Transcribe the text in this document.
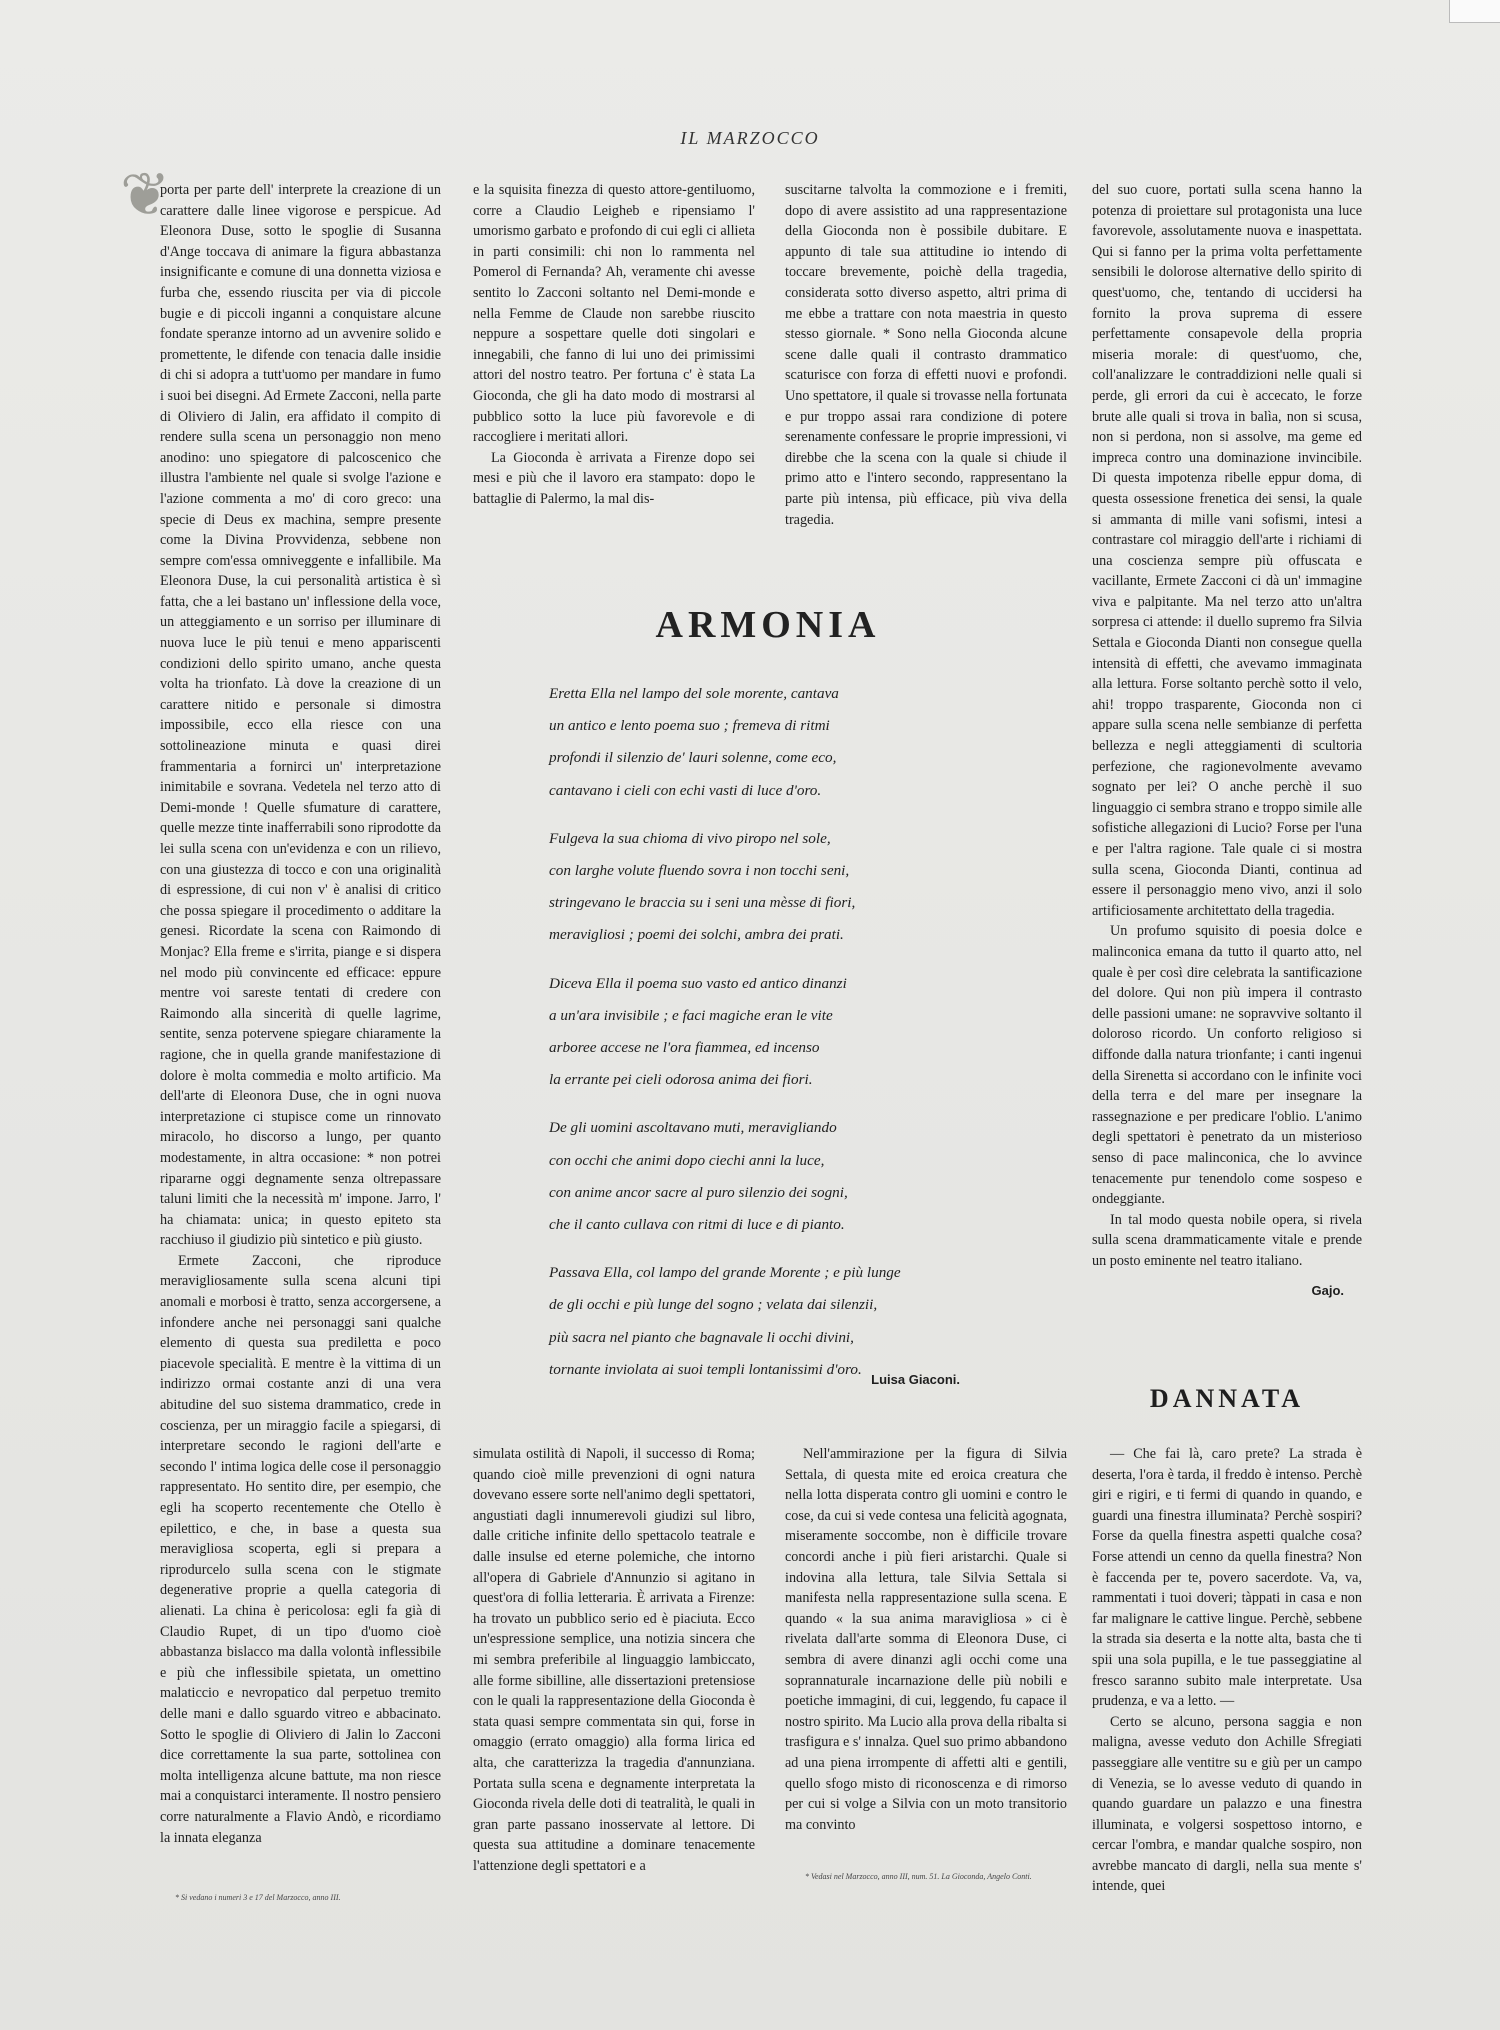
❦
IL MARZOCCO

porta per parte dell' interprete la creazione di un carattere dalle linee vigorose e perspicue. Ad Eleonora Duse, sotto le spoglie di Susanna d'Ange toccava di animare la figura abbastanza insignificante e comune di una donnetta viziosa e furba che, essendo riuscita per via di piccole bugie e di piccoli inganni a conquistare alcune fondate speranze intorno ad un avvenire solido e promettente, le difende con tenacia dalle insidie di chi si adopra a tutt'uomo per mandare in fumo i suoi bei disegni. Ad Ermete Zacconi, nella parte di Oliviero di Jalin, era affidato il compito di rendere sulla scena un personaggio non meno anodino: uno spiegatore di palcoscenico che illustra l'ambiente nel quale si svolge l'azione e l'azione commenta a mo' di coro greco: una specie di Deus ex machina, sempre presente come la Divina Provvidenza, sebbene non sempre com'essa omniveggente e infallibile. Ma Eleonora Duse, la cui personalità artistica è sì fatta, che a lei bastano un' inflessione della voce, un atteggiamento e un sorriso per illuminare di nuova luce le più tenui e meno appariscenti condizioni dello spirito umano, anche questa volta ha trionfato. Là dove la creazione di un carattere nitido e personale si dimostra impossibile, ecco ella riesce con una sottolineazione minuta e quasi direi frammentaria a fornirci un' interpretazione inimitabile e sovrana. Vedetela nel terzo atto di Demi-monde ! Quelle sfumature di carattere, quelle mezze tinte inafferrabili sono riprodotte da lei sulla scena con un'evidenza e con un rilievo, con una giustezza di tocco e con una originalità di espressione, di cui non v' è analisi di critico che possa spiegare il procedimento o additare la genesi. Ricordate la scena con Raimondo di Monjac? Ella freme e s'irrita, piange e si dispera nel modo più convincente ed efficace: eppure mentre voi sareste tentati di credere con Raimondo alla sincerità di quelle lagrime, sentite, senza potervene spiegare chiaramente la ragione, che in quella grande manifestazione di dolore è molta commedia e molto artificio. Ma dell'arte di Eleonora Duse, che in ogni nuova interpretazione ci stupisce come un rinnovato miracolo, ho discorso a lungo, per quanto modestamente, in altra occasione: * non potrei ripararne oggi degnamente senza oltrepassare taluni limiti che la necessità m' impone. Jarro, l' ha chiamata: unica; in questo epiteto sta racchiuso il giudizio più sintetico e più giusto.

Ermete Zacconi, che riproduce meravigliosamente sulla scena alcuni tipi anomali e morbosi è tratto, senza accorgersene, a infondere anche nei personaggi sani qualche elemento di questa sua prediletta e poco piacevole specialità. E mentre è la vittima di un indirizzo ormai costante anzi di una vera abitudine del suo sistema drammatico, crede in coscienza, per un miraggio facile a spiegarsi, di interpretare secondo le ragioni dell'arte e secondo l' intima logica delle cose il personaggio rappresentato. Ho sentito dire, per esempio, che egli ha scoperto recentemente che Otello è epilettico, e che, in base a questa sua meravigliosa scoperta, egli si prepara a riprodurcelo sulla scena con le stigmate degenerative proprie a quella categoria di alienati. La china è pericolosa: egli fa già di Claudio Rupet, di un tipo d'uomo cioè abbastanza bislacco ma dalla volontà inflessibile e più che inflessibile spietata, un omettino malaticcio e nevropatico dal perpetuo tremito delle mani e dallo sguardo vitreo e abbacinato. Sotto le spoglie di Oliviero di Jalin lo Zacconi dice correttamente la sua parte, sottolinea con molta intelligenza alcune battute, ma non riesce mai a conquistarci interamente. Il nostro pensiero corre naturalmente a Flavio Andò, e ricordiamo la innata eleganza

e la squisita finezza di questo attore-gentiluomo, corre a Claudio Leigheb e ripensiamo l' umorismo garbato e profondo di cui egli ci allieta in parti consimili: chi non lo rammenta nel Pomerol di Fernanda? Ah, veramente chi avesse sentito lo Zacconi soltanto nel Demi-monde e nella Femme de Claude non sarebbe riuscito neppure a sospettare quelle doti singolari e innegabili, che fanno di lui uno dei primissimi attori del nostro teatro. Per fortuna c' è stata La Gioconda, che gli ha dato modo di mostrarsi al pubblico sotto la luce più favorevole e di raccogliere i meritati allori.

La Gioconda è arrivata a Firenze dopo sei mesi e più che il lavoro era stampato: dopo le battaglie di Palermo, la mal dis-

suscitarne talvolta la commozione e i fremiti, dopo di avere assistito ad una rappresentazione della Gioconda non è possibile dubitare. E appunto di tale sua attitudine io intendo di toccare brevemente, poichè della tragedia, considerata sotto diverso aspetto, altri prima di me ebbe a trattare con nota maestria in questo stesso giornale. * Sono nella Gioconda alcune scene dalle quali il contrasto drammatico scaturisce con forza di effetti nuovi e profondi. Uno spettatore, il quale si trovasse nella fortunata e pur troppo assai rara condizione di potere serenamente confessare le proprie impressioni, vi direbbe che la scena con la quale si chiude il primo atto e l'intero secondo, rappresentano la parte più intensa, più efficace, più viva della tragedia.

del suo cuore, portati sulla scena hanno la potenza di proiettare sul protagonista una luce favorevole, assolutamente nuova e inaspettata. Qui si fanno per la prima volta perfettamente sensibili le dolorose alternative dello spirito di quest'uomo, che, tentando di uccidersi ha fornito la prova suprema di essere perfettamente consapevole della propria miseria morale: di quest'uomo, che, coll'analizzare le contraddizioni nelle quali si perde, gli errori da cui è accecato, le forze brute alle quali si trova in balìa, non si scusa, non si perdona, non si assolve, ma geme ed impreca contro una dominazione invincibile. Di questa impotenza ribelle eppur doma, di questa ossessione frenetica dei sensi, la quale si ammanta di mille vani sofismi, intesi a contrastare col miraggio dell'arte i richiami di una coscienza sempre più offuscata e vacillante, Ermete Zacconi ci dà un' immagine viva e palpitante. Ma nel terzo atto un'altra sorpresa ci attende: il duello supremo fra Silvia Settala e Gioconda Dianti non consegue quella intensità di effetti, che avevamo immaginata alla lettura. Forse soltanto perchè sotto il velo, ahi! troppo trasparente, Gioconda non ci appare sulla scena nelle sembianze di perfetta bellezza e negli atteggiamenti di scultoria perfezione, che ragionevolmente avevamo sognato per lei? O anche perchè il suo linguaggio ci sembra strano e troppo simile alle sofistiche allegazioni di Lucio? Forse per l'una e per l'altra ragione. Tale quale ci si mostra sulla scena, Gioconda Dianti, continua ad essere il personaggio meno vivo, anzi il solo artificiosamente architettato della tragedia.

Un profumo squisito di poesia dolce e malinconica emana da tutto il quarto atto, nel quale è per così dire celebrata la santificazione del dolore. Qui non più impera il contrasto delle passioni umane: ne sopravvive soltanto il doloroso ricordo. Un conforto religioso si diffonde dalla natura trionfante; i canti ingenui della Sirenetta si accordano con le infinite voci della terra e del mare per insegnare la rassegnazione e per predicare l'oblio. L'animo degli spettatori è penetrato da un misterioso senso di pace malinconica, che lo avvince tenacemente pur tenendolo come sospeso e ondeggiante.

In tal modo questa nobile opera, si rivela sulla scena drammaticamente vitale e prende un posto eminente nel teatro italiano.

Gajo.
ARMONIA
Eretta Ella nel lampo del sole morente, cantava
un antico e lento poema suo ; fremeva di ritmi
profondi il silenzio de' lauri solenne, come eco,
cantavano i cieli con echi vasti di luce d'oro.
Fulgeva la sua chioma di vivo piropo nel sole,
con larghe volute fluendo sovra i non tocchi seni,
stringevano le braccia su i seni una mèsse di fiori,
meravigliosi ; poemi dei solchi, ambra dei prati.
Diceva Ella il poema suo vasto ed antico dinanzi
a un'ara invisibile ; e faci magiche eran le vite
arboree accese ne l'ora fiammea, ed incenso
la errante pei cieli odorosa anima dei fiori.
De gli uomini ascoltavano muti, meravigliando
con occhi che animi dopo ciechi anni la luce,
con anime ancor sacre al puro silenzio dei sogni,
che il canto cullava con ritmi di luce e di pianto.
Passava Ella, col lampo del grande Morente ; e più lunge
de gli occhi e più lunge del sogno ; velata dai silenzii,
più sacra nel pianto che bagnavale li occhi divini,
tornante inviolata ai suoi templi lontanissimi d'oro.
Luisa Giaconi.
DANNATA

simulata ostilità di Napoli, il successo di Roma; quando cioè mille prevenzioni di ogni natura dovevano essere sorte nell'animo degli spettatori, angustiati dagli innumerevoli giudizi sul libro, dalle critiche infinite dello spettacolo teatrale e dalle insulse ed eterne polemiche, che intorno all'opera di Gabriele d'Annunzio si agitano in quest'ora di follia letteraria. È arrivata a Firenze: ha trovato un pubblico serio ed è piaciuta. Ecco un'espressione semplice, una notizia sincera che mi sembra preferibile al linguaggio lambiccato, alle forme sibilline, alle dissertazioni pretensiose con le quali la rappresentazione della Gioconda è stata quasi sempre commentata sin qui, forse in omaggio (errato omaggio) alla forma lirica ed alta, che caratterizza la tragedia d'annunziana. Portata sulla scena e degnamente interpretata la Gioconda rivela delle doti di teatralità, le quali in gran parte passano inosservate al lettore. Di questa sua attitudine a dominare tenacemente l'attenzione degli spettatori e a

Nell'ammirazione per la figura di Silvia Settala, di questa mite ed eroica creatura che nella lotta disperata contro gli uomini e contro le cose, da cui si vede contesa una felicità agognata, miseramente soccombe, non è difficile trovare concordi anche i più fieri aristarchi. Quale si indovina alla lettura, tale Silvia Settala si manifesta nella rappresentazione sulla scena. E quando « la sua anima maravigliosa » ci è rivelata dall'arte somma di Eleonora Duse, ci sembra di avere dinanzi agli occhi come una soprannaturale incarnazione delle più nobili e poetiche immagini, di cui, leggendo, fu capace il nostro spirito. Ma Lucio alla prova della ribalta si trasfigura e s' innalza. Quel suo primo abbandono ad una piena irrompente di affetti alti e gentili, quello sfogo misto di riconoscenza e di rimorso per cui si volge a Silvia con un moto transitorio ma convinto

— Che fai là, caro prete? La strada è deserta, l'ora è tarda, il freddo è intenso. Perchè giri e rigiri, e ti fermi di quando in quando, e guardi una finestra illuminata? Perchè sospiri? Forse da quella finestra aspetti qualche cosa? Forse attendi un cenno da quella finestra? Non è faccenda per te, povero sacerdote. Va, va, rammentati i tuoi doveri; tàppati in casa e non far malignare le cattive lingue. Perchè, sebbene la strada sia deserta e la notte alta, basta che ti spii una sola pupilla, e le tue passeggiatine al fresco saranno subito male interpretate. Usa prudenza, e va a letto. —

Certo se alcuno, persona saggia e non maligna, avesse veduto don Achille Sfregiati passeggiare alle ventitre su e giù per un campo di Venezia, se lo avesse veduto di quando in quando guardare un palazzo e una finestra illuminata, e volgersi sospettoso intorno, e cercar l'ombra, e mandar qualche sospiro, non avrebbe mancato di dargli, nella sua mente s' intende, quei

* Si vedano i numeri 3 e 17 del Marzocco, anno III.
* Vedasi nel Marzocco, anno III, num. 51. La Gioconda, Angelo Conti.
